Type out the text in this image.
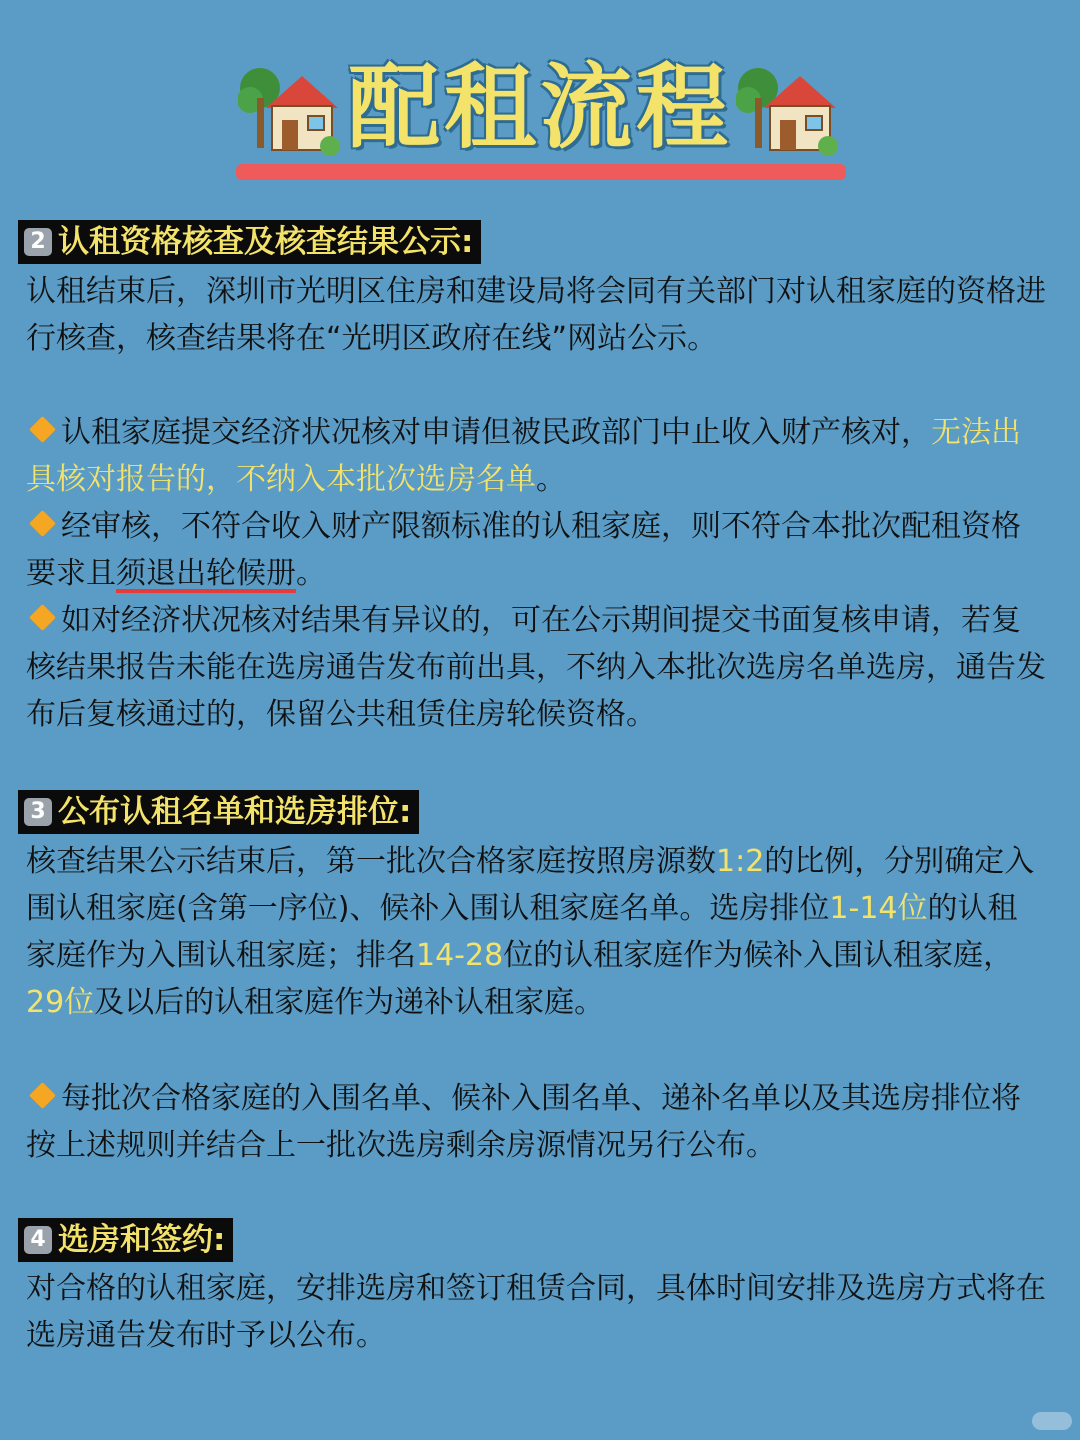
配租流程
2 认租资格核查及核查结果公示:

认租结束后，深圳市光明区住房和建设局将会同有关部门对认租家庭的资格进行核查，核查结果将在“光明区政府在线”网站公示。

认租家庭提交经济状况核对申请但被民政部门中止收入财产核对，无法出具核对报告的，不纳入本批次选房名单。

经审核，不符合收入财产限额标准的认租家庭，则不符合本批次配租资格要求且须退出轮候册。

如对经济状况核对结果有异议的，可在公示期间提交书面复核申请，若复核结果报告未能在选房通告发布前出具，不纳入本批次选房名单选房，通告发布后复核通过的，保留公共租赁住房轮候资格。

3 公布认租名单和选房排位:

核查结果公示结束后，第一批次合格家庭按照房源数1:2的比例，分别确定入围认租家庭(含第一序位)、候补入围认租家庭名单。选房排位1-14位的认租家庭作为入围认租家庭；排名14-28位的认租家庭作为候补入围认租家庭，29位及以后的认租家庭作为递补认租家庭。

每批次合格家庭的入围名单、候补入围名单、递补名单以及其选房排位将按上述规则并结合上一批次选房剩余房源情况另行公布。

4 选房和签约:

对合格的认租家庭，安排选房和签订租赁合同，具体时间安排及选房方式将在选房通告发布时予以公布。
